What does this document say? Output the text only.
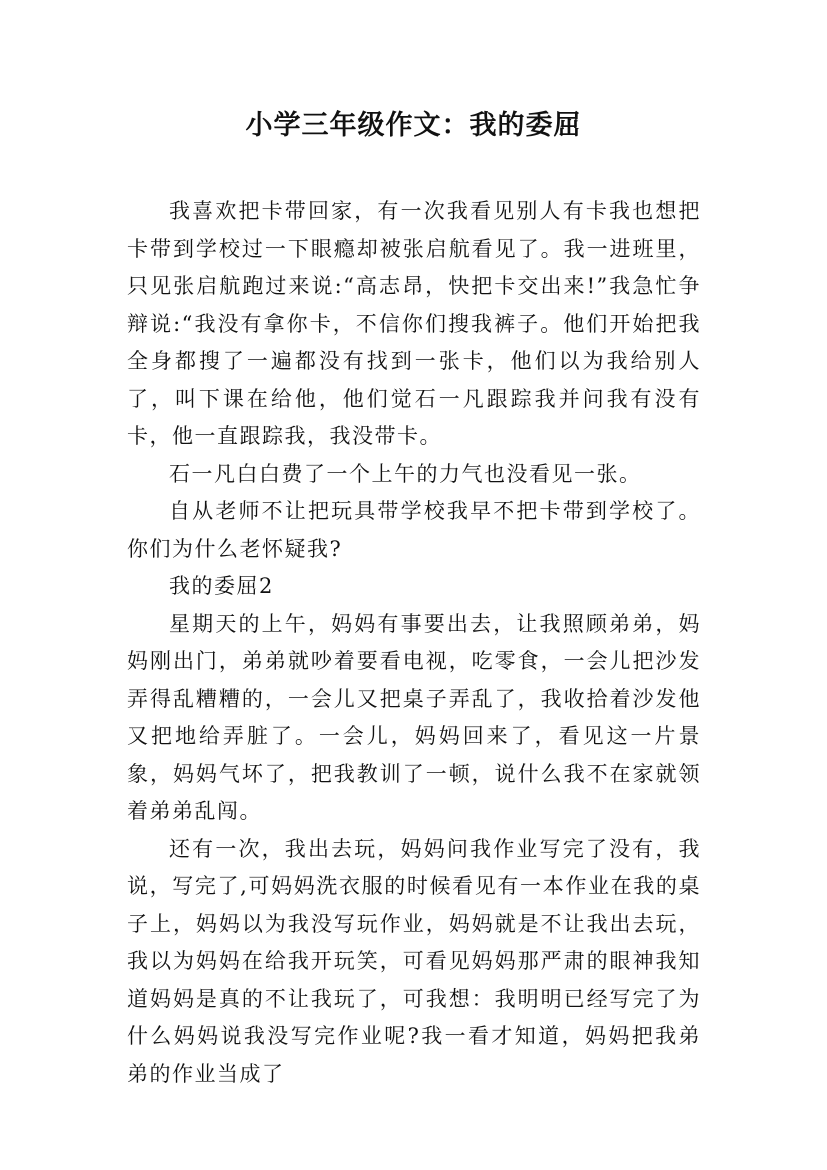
小学三年级作文：我的委屈

我喜欢把卡带回家，有一次我看见别人有卡我也想把卡带到学校过一下眼瘾却被张启航看见了。我一进班里，只见张启航跑过来说:“高志昂，快把卡交出来!”我急忙争辩说:“我没有拿你卡，不信你们搜我裤子。他们开始把我全身都搜了一遍都没有找到一张卡，他们以为我给别人了，叫下课在给他，他们觉石一凡跟踪我并问我有没有卡，他一直跟踪我，我没带卡。

石一凡白白费了一个上午的力气也没看见一张。

自从老师不让把玩具带学校我早不把卡带到学校了。你们为什么老怀疑我?

我的委屈2

星期天的上午，妈妈有事要出去，让我照顾弟弟，妈妈刚出门，弟弟就吵着要看电视，吃零食，一会儿把沙发弄得乱糟糟的，一会儿又把桌子弄乱了，我收拾着沙发他又把地给弄脏了。一会儿，妈妈回来了，看见这一片景象，妈妈气坏了，把我教训了一顿，说什么我不在家就领着弟弟乱闯。

还有一次，我出去玩，妈妈问我作业写完了没有，我说，写完了,可妈妈洗衣服的时候看见有一本作业在我的桌子上，妈妈以为我没写玩作业，妈妈就是不让我出去玩，我以为妈妈在给我开玩笑，可看见妈妈那严肃的眼神我知道妈妈是真的不让我玩了，可我想：我明明已经写完了为什么妈妈说我没写完作业呢?我一看才知道，妈妈把我弟弟的作业当成了
